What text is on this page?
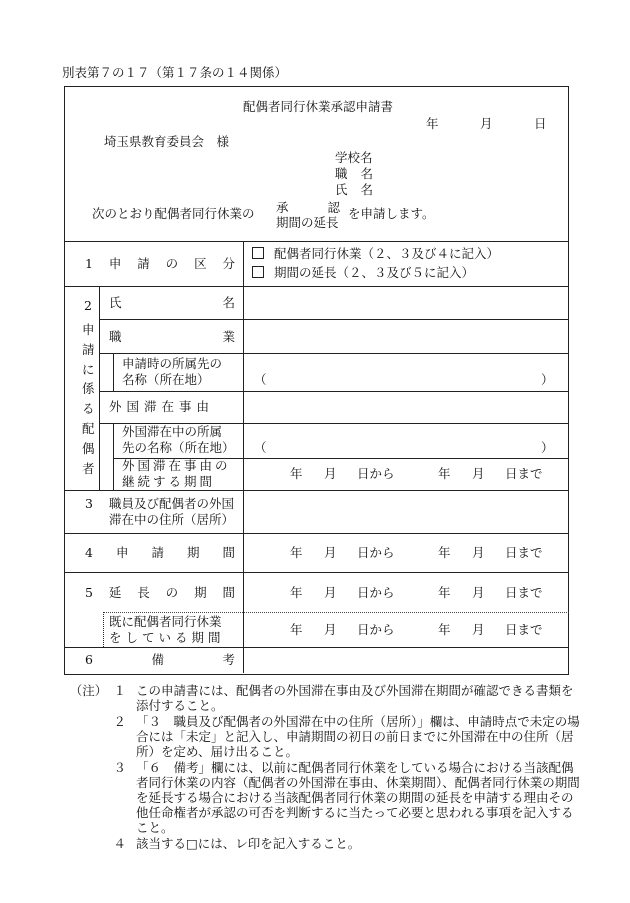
別表第７の１７（第１７条の１４関係）
配偶者同行休業承認申請書
年	月	日
埼玉県教育委員会　様
学校名
職 名
氏 名
次のとおり配偶者同行休業の 承	認
期間の延長
を申請します。
1 申 請 の 区 分
配偶者同行休業（２、３及び４に記入）
期間の延長（２、３及び５に記入）
2
申
請
に
係
る
配
偶
者
氏	名
職	業
申請時の所属先の
名称（所在地）	（	）
外国滞在事由
外国滞在中の所属
先の名称（所在地） （	）
外国滞在事由の
継続する期間
年 月 日から	年 月 日まで
3 職員及び配偶者の外国
滞在中の住所（居所）
4 申 請 期 間	年 月 日から	年 月 日まで
5 延 長 の 期 間	年 月 日から	年 月 日まで
既に配偶者同行休業
をしている期間
年 月 日から	年 月 日まで
6	備	考
（注）　１ この申請書には、配偶者の外国滞在事由及び外国滞在期間が確認できる書類を添付すること。
２ 「３　職員及び配偶者の外国滞在中の住所（居所）」欄は、申請時点で未定の場合には「未定」と記入し、申請期間の初日の前日までに外国滞在中の住所（居所）を定め、届け出ること。
３ 「６　備考」欄には、以前に配偶者同行休業をしている場合における当該配偶者同行休業の内容（配偶者の外国滞在事由、休業期間）、配偶者同行休業の期間を延長する場合における当該配偶者同行休業の期間の延長を申請する理由その他任命権者が承認の可否を判断するに当たって必要と思われる事項を記入すること。
４ 該当する□には、レ印を記入すること。
